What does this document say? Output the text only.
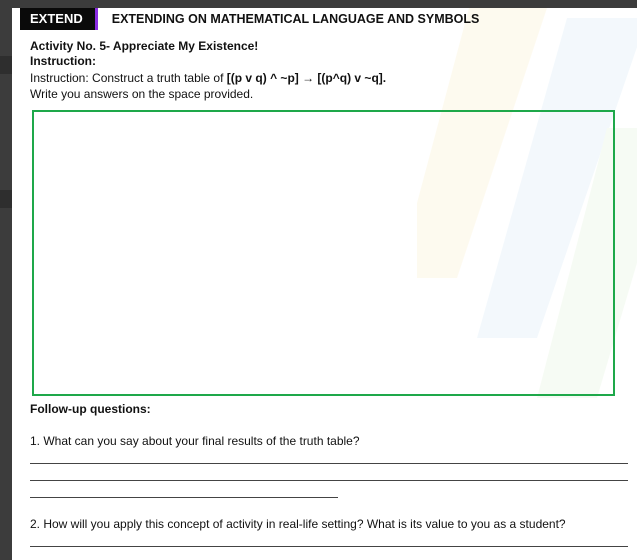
EXTEND	EXTENDING ON MATHEMATICAL LANGUAGE AND SYMBOLS
Activity No. 5- Appreciate My Existence!
Instruction:
Instruction: Construct a truth table of [(p v q) ^ ~p] → [(p^q) v ~q].
Write you answers on the space provided.
Follow-up questions:
1. What can you say about your final results of the truth table?
2. How will you apply this concept of activity in real-life setting? What is its value to you as a student?
